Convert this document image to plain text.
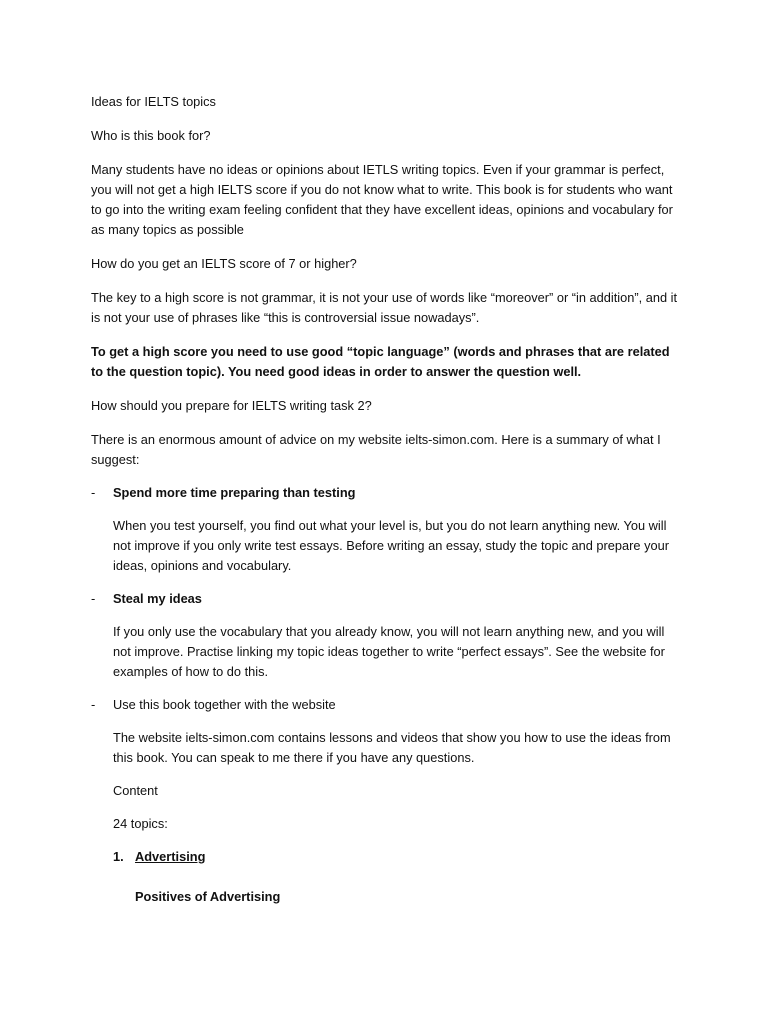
Ideas for IELTS topics

Who is this book for?

Many students have no ideas or opinions about IETLS writing topics. Even if your grammar is perfect, you will not get a high IELTS score if you do not know what to write. This book is for students who want to go into the writing exam feeling confident that they have excellent ideas, opinions and vocabulary for as many topics as possible

How do you get an IELTS score of 7 or higher?

The key to a high score is not grammar, it is not your use of words like “moreover” or “in addition”, and it is not your use of phrases like “this is controversial issue nowadays”.

To get a high score you need to use good “topic language” (words and phrases that are related to the question topic). You need good ideas in order to answer the question well.

How should you prepare for IELTS writing task 2?

There is an enormous amount of advice on my website ielts-simon.com. Here is a summary of what I suggest:

-	Spend more time preparing than testing

When you test yourself, you find out what your level is, but you do not learn anything new. You will not improve if you only write test essays. Before writing an essay, study the topic and prepare your ideas, opinions and vocabulary.

-	Steal my ideas

If you only use the vocabulary that you already know, you will not learn anything new, and you will not improve. Practise linking my topic ideas together to write “perfect essays”. See the website for examples of how to do this.

-	Use this book together with the website

The website ielts-simon.com contains lessons and videos that show you how to use the ideas from this book. You can speak to me there if you have any questions.

Content

24 topics:

1. Advertising

Positives of Advertising
